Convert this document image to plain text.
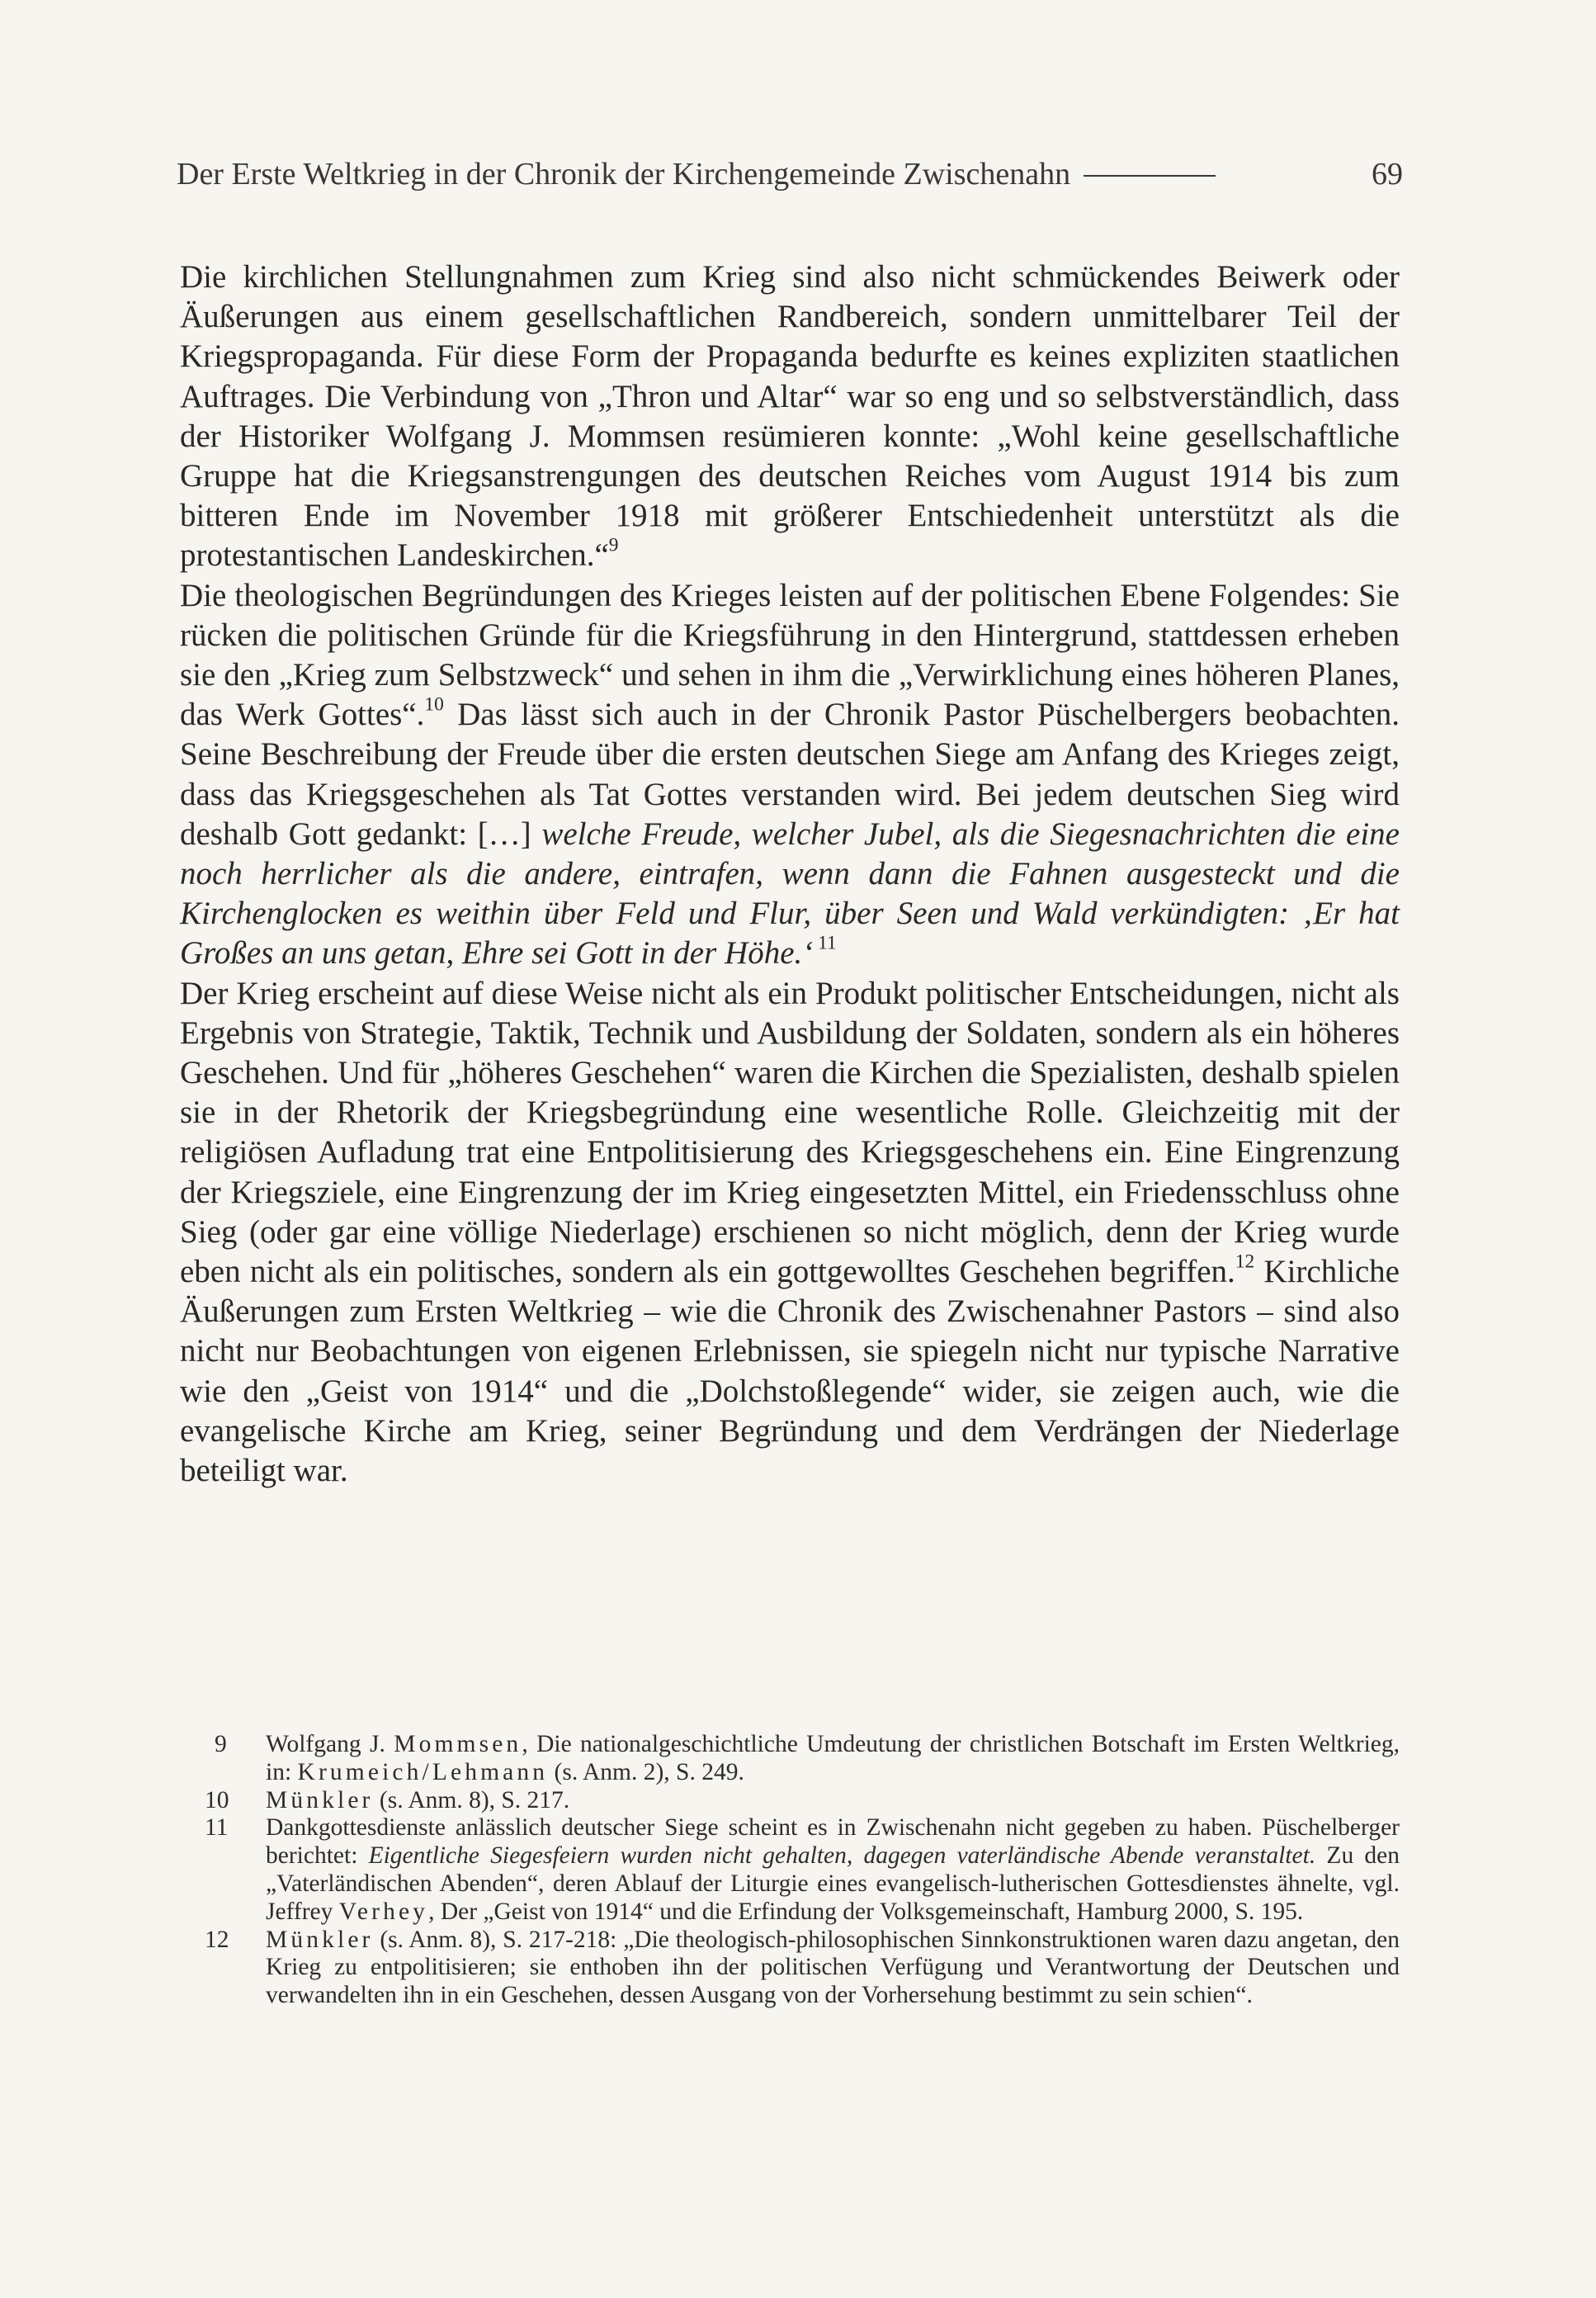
Der Erste Weltkrieg in der Chronik der Kirchengemeinde Zwischenahn	69

Die kirchlichen Stellungnahmen zum Krieg sind also nicht schmückendes Beiwerk oder Äußerungen aus einem gesellschaftlichen Randbereich, sondern unmittelbarer Teil der Kriegspropaganda. Für diese Form der Propaganda bedurfte es keines expliziten staatlichen Auftrages. Die Verbindung von „Thron und Altar“ war so eng und so selbstverständlich, dass der Historiker Wolfgang J. Mommsen resümieren konnte: „Wohl keine gesellschaftliche Gruppe hat die Kriegsanstrengungen des deutschen Reiches vom August 1914 bis zum bitteren Ende im November 1918 mit größerer Entschiedenheit unterstützt als die protestantischen Landeskirchen.“$^9$

Die theologischen Begründungen des Krieges leisten auf der politischen Ebene Folgendes: Sie rücken die politischen Gründe für die Kriegsführung in den Hintergrund, stattdessen erheben sie den „Krieg zum Selbstzweck“ und sehen in ihm die „Verwirklichung eines höheren Planes, das Werk Gottes“.$^{10}$ Das lässt sich auch in der Chronik Pastor Püschelbergers beobachten. Seine Beschreibung der Freude über die ersten deutschen Siege am Anfang des Krieges zeigt, dass das Kriegsgeschehen als Tat Gottes verstanden wird. Bei jedem deutschen Sieg wird deshalb Gott gedankt: […] welche Freude, welcher Jubel, als die Siegesnachrichten die eine noch herrlicher als die andere, eintrafen, wenn dann die Fahnen ausgesteckt und die Kirchenglocken es weithin über Feld und Flur, über Seen und Wald verkündigten: ‚Er hat Großes an uns getan, Ehre sei Gott in der Höhe.‘ $^{11}$

Der Krieg erscheint auf diese Weise nicht als ein Produkt politischer Entscheidungen, nicht als Ergebnis von Strategie, Taktik, Technik und Ausbildung der Soldaten, sondern als ein höheres Geschehen. Und für „höheres Geschehen“ waren die Kirchen die Spezialisten, deshalb spielen sie in der Rhetorik der Kriegsbegründung eine wesentliche Rolle. Gleichzeitig mit der religiösen Aufladung trat eine Entpolitisierung des Kriegsgeschehens ein. Eine Eingrenzung der Kriegsziele, eine Eingrenzung der im Krieg eingesetzten Mittel, ein Friedensschluss ohne Sieg (oder gar eine völlige Niederlage) erschienen so nicht möglich, denn der Krieg wurde eben nicht als ein politisches, sondern als ein gottgewolltes Geschehen begriffen.$^{12}$ Kirchliche Äußerungen zum Ersten Weltkrieg – wie die Chronik des Zwischenahner Pastors – sind also nicht nur Beobachtungen von eigenen Erlebnissen, sie spiegeln nicht nur typische Narrative wie den „Geist von 1914“ und die „Dolchstoßlegende“ wider, sie zeigen auch, wie die evangelische Kirche am Krieg, seiner Begründung und dem Verdrängen der Niederlage beteiligt war.

9	Wolfgang J. Mommsen, Die nationalgeschichtliche Umdeutung der christlichen Botschaft im Ersten Weltkrieg, in: Krumeich/Lehmann (s. Anm. 2), S. 249.
10	Münkler (s. Anm. 8), S. 217.
11	Dankgottesdienste anlässlich deutscher Siege scheint es in Zwischenahn nicht gegeben zu haben. Püschelberger berichtet: Eigentliche Siegesfeiern wurden nicht gehalten, dagegen vaterländische Abende veranstaltet. Zu den „Vaterländischen Abenden“, deren Ablauf der Liturgie eines evangelisch-lutherischen Gottesdienstes ähnelte, vgl. Jeffrey Verhey, Der „Geist von 1914“ und die Erfindung der Volksgemeinschaft, Hamburg 2000, S. 195.
12	Münkler (s. Anm. 8), S. 217-218: „Die theologisch-philosophischen Sinnkonstruktionen waren dazu angetan, den Krieg zu entpolitisieren; sie enthoben ihn der politischen Verfügung und Verantwortung der Deutschen und verwandelten ihn in ein Geschehen, dessen Ausgang von der Vorhersehung bestimmt zu sein schien“.
